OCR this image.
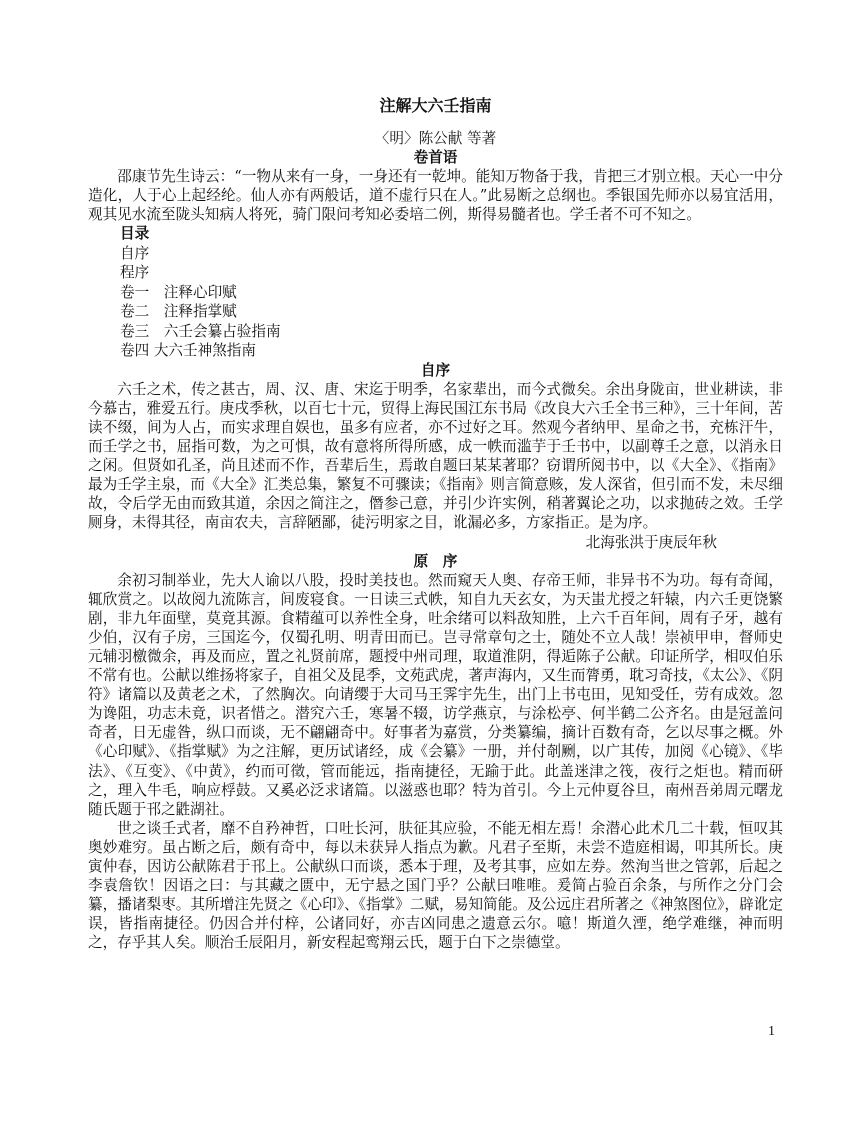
注解大六壬指南
〈明〉陈公献 等著
卷首语

邵康节先生诗云：“一物从来有一身，一身还有一乾坤。能知万物备于我，肯把三才别立根。天心一中分造化，人于心上起经纶。仙人亦有两般话，道不虚行只在人。”此易断之总纲也。季银国先师亦以易宜活用，观其见水流至陇头知病人将死，骑门限问考知必委培二例，斯得易髓者也。学壬者不可不知之。

目录
自序
程序
卷一　注释心印赋
卷二　注释指掌赋
卷三　六壬会纂占验指南
卷四 大六壬神煞指南
自序

六壬之术，传之甚古，周、汉、唐、宋迄于明季，名家辈出，而今式微矣。余出身陇亩，世业耕读，非今慕古，雅爱五行。庚戌季秋，以百七十元，贸得上海民国江东书局《改良大六壬全书三种》，三十年间，苦读不缀，间为人占，而实求理自娱也，虽多有应者，亦不过好之耳。然观今者纳甲、星命之书，充栋汗牛，而壬学之书，屈指可数，为之可惧，故有意将所得所感，成一帙而滥芋于壬书中，以副尊壬之意，以消永日之闲。但贤如孔圣，尚且述而不作，吾辈后生，焉敢自题曰某某著耶？窃谓所阅书中，以《大全》、《指南》最为壬学主泉，而《大全》汇类总集，繁复不可骤读；《指南》则言简意赅，发人深省，但引而不发，未尽细故，令后学无由而致其道，余因之简注之，僭参己意，并引少许实例，稍著翼论之功，以求抛砖之效。壬学厕身，未得其径，南亩农夫，言辞陋鄙，徒污明家之目，讹漏必多，方家指正。是为序。

北海张洪于庚辰年秋
原　序

余初习制举业，先大人谕以八股，投时美技也。然而窥天人奥、存帝王师，非异书不为功。每有奇闻，辄欣赏之。以故阅九流陈言，间废寝食。一日读三式帙，知自九天玄女，为天蚩尤授之轩辕，内六壬更饶繁剧，非九年面壁，莫竟其源。食精蕴可以养性全身，吐余绪可以料敌知胜，上六千百年间，周有子牙，越有少伯，汉有子房，三国迄今，仅蜀孔明、明青田而已。岂寻常章句之士，随处不立人哉！崇祯甲申，督师史元辅羽檄微余，再及而应，置之礼贤前席，题授中州司理，取道淮阴，得逅陈子公献。印证所学，相叹伯乐不常有也。公献以维扬将家子，自祖父及昆季，文苑武虎，著声海内，又生而膂勇，耽习奇技，《太公》、《阴符》诸篇以及黄老之术，了然胸次。向请缨于大司马王霁宇先生，出门上书屯田，见知受任，劳有成效。忽为谗阻，功志未竟，识者惜之。潜究六壬，寒暑不辍，访学燕京，与涂松亭、何半鹤二公齐名。由是冠盖问奇者，日无虚昝，纵口而谈，无不翩翩奇中。好事者为嘉赏，分类纂编，摘计百数有奇，乞以尽事之概。外《心印赋》、《指掌赋》为之注解，更历试诸经，成《会纂》一册，并付剞劂，以广其传，加阅《心镜》、《毕法》、《互变》、《中黄》，约而可徵，管而能远，指南捷径，无踰于此。此盖迷津之筏，夜行之炬也。精而研之，理入牛毛，响应桴鼓。又奚必泛求诸篇。以滋惑也耶？特为首引。今上元仲夏谷旦，南州吾弟周元曙龙随氏题于邗之鼪湖社。

世之谈壬式者，靡不自矜神哲，口吐长河，肤征其应验，不能无相左焉！余潜心此术几二十载，恒叹其奥妙难穷。虽占断之后，颇有奇中，每以未获异人指点为歉。凡君子至斯，未尝不造庭相谒，叩其所长。庚寅仲春，因访公献陈君于邗上。公献纵口而谈，悉本于理，及考其事，应如左券。然洵当世之管郭，后起之李袁詹钦！因语之曰：与其藏之匮中，无宁悬之国门乎？公献曰唯唯。爰简占验百余条，与所作之分门会纂，播诸梨枣。其所增注先贤之《心印》、《指掌》二赋，易知简能。及公远庄君所著之《神煞图位》，辟讹定误，皆指南捷径。仍因合并付梓，公诸同好，亦吉凶同患之遗意云尔。噫！斯道久湮，绝学难继，神而明之，存乎其人矣。顺治壬辰阳月，新安程起鸾翔云氏，题于白下之崇德堂。

1
